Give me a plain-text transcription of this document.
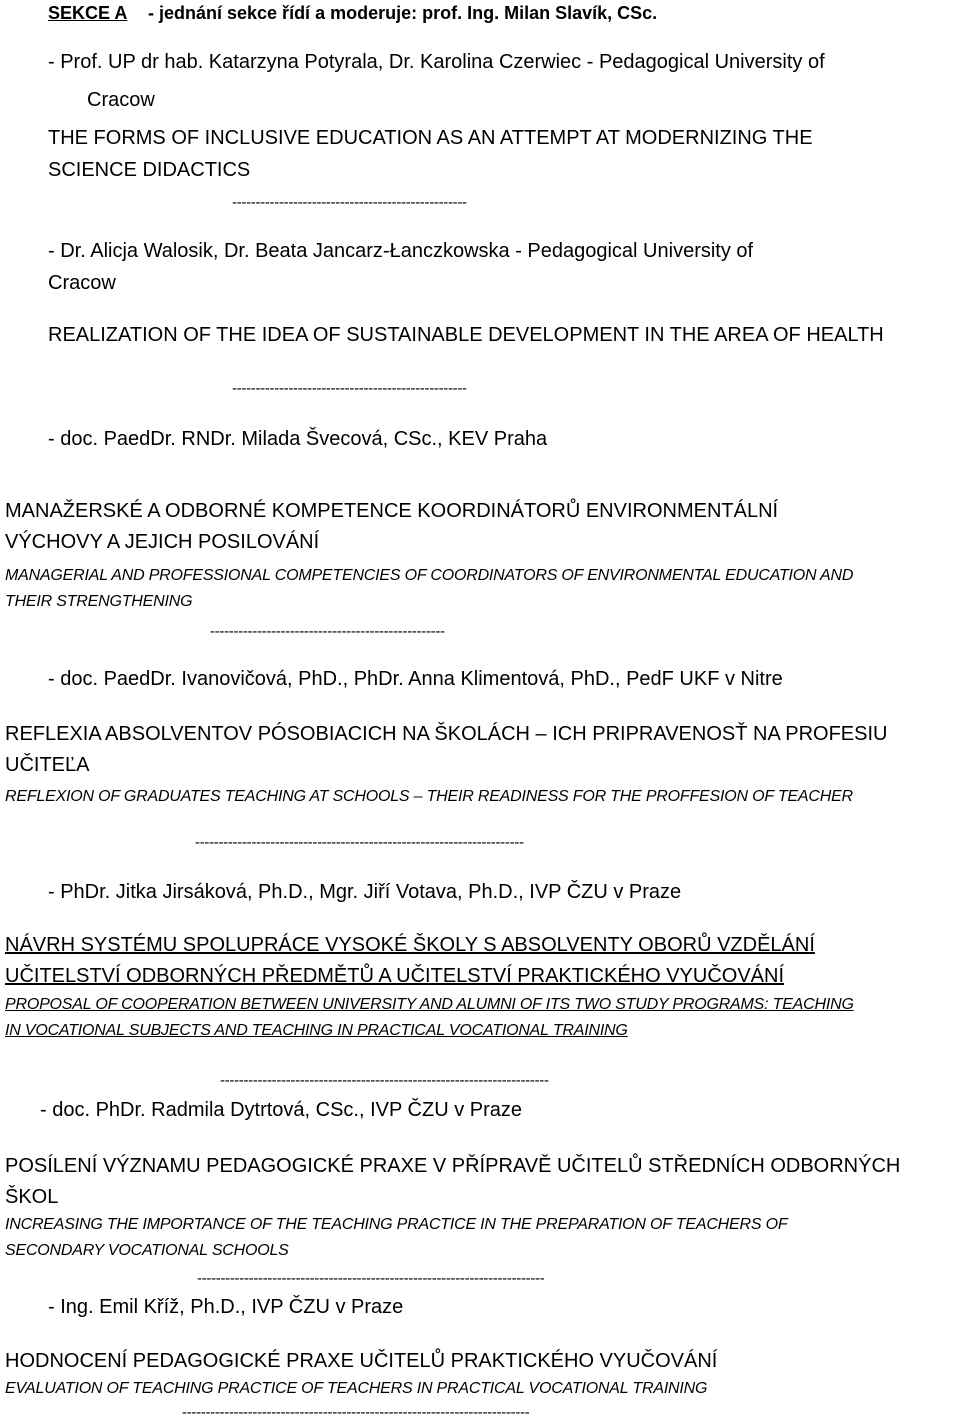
SEKCE A - jednání sekce řídí a moderuje: prof. Ing. Milan Slavík, CSc.
- Prof. UP dr hab. Katarzyna Potyrala, Dr. Karolina Czerwiec - Pedagogical University of
Cracow
THE FORMS OF INCLUSIVE EDUCATION AS AN ATTEMPT AT MODERNIZING THE
SCIENCE DIDACTICS
--------------------------------------------------
- Dr. Alicja Walosik, Dr. Beata Jancarz-Łanczkowska - Pedagogical University of
Cracow
REALIZATION OF THE IDEA OF SUSTAINABLE DEVELOPMENT IN THE AREA OF HEALTH
--------------------------------------------------
- doc. PaedDr. RNDr. Milada Švecová, CSc., KEV Praha
MANAŽERSKÉ A ODBORNÉ KOMPETENCE KOORDINÁTORŮ ENVIRONMENTÁLNÍ
VÝCHOVY A JEJICH POSILOVÁNÍ
MANAGERIAL AND PROFESSIONAL COMPETENCIES OF COORDINATORS OF ENVIRONMENTAL EDUCATION AND
THEIR STRENGTHENING
--------------------------------------------------
- doc. PaedDr. Ivanovičová, PhD., PhDr. Anna Klimentová, PhD., PedF UKF v Nitre
REFLEXIA ABSOLVENTOV PÓSOBIACICH NA ŠKOLÁCH – ICH PRIPRAVENOSŤ NA PROFESIU
UČITEĽA
REFLEXION OF GRADUATES TEACHING AT SCHOOLS – THEIR READINESS FOR THE PROFFESION OF TEACHER
----------------------------------------------------------------------
- PhDr. Jitka Jirsáková, Ph.D., Mgr. Jiří Votava, Ph.D., IVP ČZU v Praze
NÁVRH SYSTÉMU SPOLUPRÁCE VYSOKÉ ŠKOLY S ABSOLVENTY OBORŮ VZDĚLÁNÍ
UČITELSTVÍ ODBORNÝCH PŘEDMĚTŮ A UČITELSTVÍ PRAKTICKÉHO VYUČOVÁNÍ
PROPOSAL OF COOPERATION BETWEEN UNIVERSITY AND ALUMNI OF ITS TWO STUDY PROGRAMS: TEACHING
IN VOCATIONAL SUBJECTS AND TEACHING IN PRACTICAL VOCATIONAL TRAINING
----------------------------------------------------------------------
- doc. PhDr. Radmila Dytrtová, CSc., IVP ČZU v Praze
POSÍLENÍ VÝZNAMU PEDAGOGICKÉ PRAXE V PŘÍPRAVĚ UČITELŮ STŘEDNÍCH ODBORNÝCH
ŠKOL
INCREASING THE IMPORTANCE OF THE TEACHING PRACTICE IN THE PREPARATION OF TEACHERS OF
SECONDARY VOCATIONAL SCHOOLS
--------------------------------------------------------------------------
- Ing. Emil Kříž, Ph.D., IVP ČZU v Praze
HODNOCENÍ PEDAGOGICKÉ PRAXE UČITELŮ PRAKTICKÉHO VYUČOVÁNÍ
EVALUATION OF TEACHING PRACTICE OF TEACHERS IN PRACTICAL VOCATIONAL TRAINING
--------------------------------------------------------------------------
